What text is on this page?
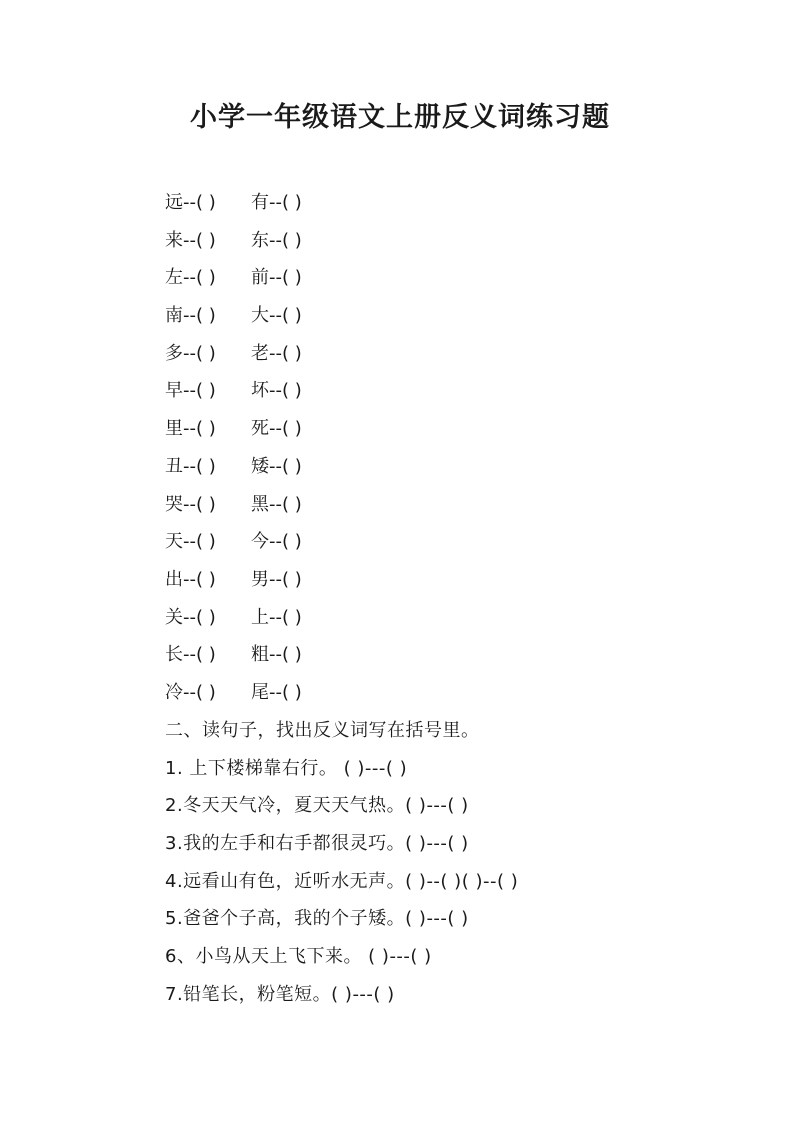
小学一年级语文上册反义词练习题
远--( ) 有--( )
来--( ) 东--( )
左--( ) 前--( )
南--( ) 大--( )
多--( ) 老--( )
早--( ) 坏--( )
里--( ) 死--( )
丑--( ) 矮--( )
哭--( ) 黑--( )
天--( ) 今--( )
出--( ) 男--( )
关--( ) 上--( )
长--( ) 粗--( )
冷--( ) 尾--( )
二、读句子，找出反义词写在括号里。
1. 上下楼梯靠右行。 ( )---( )
2.冬天天气冷，夏天天气热。( )---( )
3.我的左手和右手都很灵巧。( )---( )
4.远看山有色，近听水无声。( )--( )( )--( )
5.爸爸个子高，我的个子矮。( )---( )
6、小鸟从天上飞下来。 ( )---( )
7.铅笔长，粉笔短。( )---( )
